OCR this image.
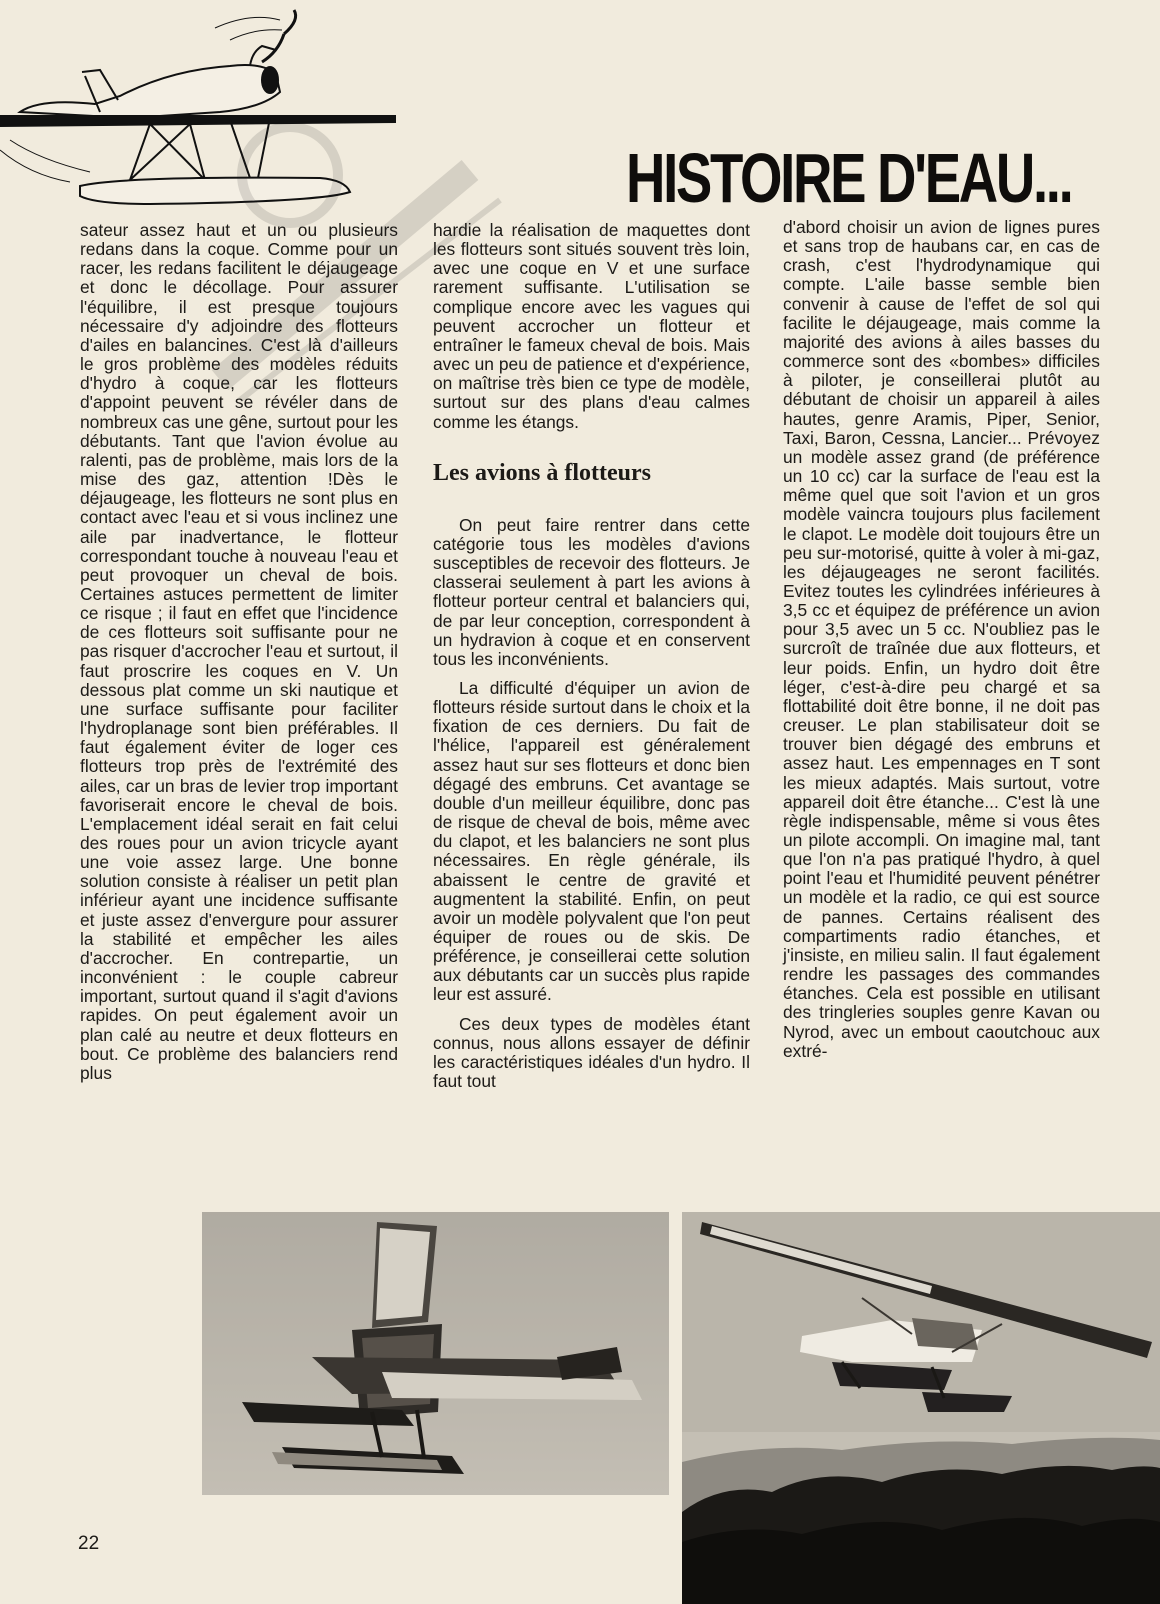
HISTOIRE D'EAU...

sateur assez haut et un ou plusieurs redans dans la coque. Comme pour un racer, les redans facilitent le déjaugeage et donc le décollage. Pour assurer l'équilibre, il est presque toujours nécessaire d'y adjoindre des flotteurs d'ailes en balancines. C'est là d'ailleurs le gros problème des modèles réduits d'hydro à coque, car les flotteurs d'appoint peuvent se révéler dans de nombreux cas une gêne, surtout pour les débutants. Tant que l'avion évolue au ralenti, pas de problème, mais lors de la mise des gaz, attention !Dès le déjaugeage, les flotteurs ne sont plus en contact avec l'eau et si vous inclinez une aile par inadvertance, le flotteur correspondant touche à nouveau l'eau et peut provoquer un cheval de bois. Certaines astuces permettent de limiter ce risque ; il faut en effet que l'incidence de ces flotteurs soit suffisante pour ne pas risquer d'accrocher l'eau et surtout, il faut proscrire les coques en V. Un dessous plat comme un ski nautique et une surface suffisante pour faciliter l'hydroplanage sont bien préférables. Il faut également éviter de loger ces flotteurs trop près de l'extrémité des ailes, car un bras de levier trop important favoriserait encore le cheval de bois. L'emplacement idéal serait en fait celui des roues pour un avion tricycle ayant une voie assez large. Une bonne solution consiste à réaliser un petit plan inférieur ayant une incidence suffisante et juste assez d'envergure pour assurer la stabilité et empêcher les ailes d'accrocher. En contrepartie, un inconvénient : le couple cabreur important, surtout quand il s'agit d'avions rapides. On peut également avoir un plan calé au neutre et deux flotteurs en bout. Ce problème des balanciers rend plus

hardie la réalisation de maquettes dont les flotteurs sont situés souvent très loin, avec une coque en V et une surface rarement suffisante. L'utilisation se complique encore avec les vagues qui peuvent accrocher un flotteur et entraîner le fameux cheval de bois. Mais avec un peu de patience et d'expérience, on maîtrise très bien ce type de modèle, surtout sur des plans d'eau calmes comme les étangs.

Les avions à flotteurs

On peut faire rentrer dans cette catégorie tous les modèles d'avions susceptibles de recevoir des flotteurs. Je classerai seulement à part les avions à flotteur porteur central et balanciers qui, de par leur conception, correspondent à un hydravion à coque et en conservent tous les inconvénients.

La difficulté d'équiper un avion de flotteurs réside surtout dans le choix et la fixation de ces derniers. Du fait de l'hélice, l'appareil est généralement assez haut sur ses flotteurs et donc bien dégagé des embruns. Cet avantage se double d'un meilleur équilibre, donc pas de risque de cheval de bois, même avec du clapot, et les balanciers ne sont plus nécessaires. En règle générale, ils abaissent le centre de gravité et augmentent la stabilité. Enfin, on peut avoir un modèle polyvalent que l'on peut équiper de roues ou de skis. De préférence, je conseillerai cette solution aux débutants car un succès plus rapide leur est assuré.

Ces deux types de modèles étant connus, nous allons essayer de définir les caractéristiques idéales d'un hydro. Il faut tout

d'abord choisir un avion de lignes pures et sans trop de haubans car, en cas de crash, c'est l'hydrodynamique qui compte. L'aile basse semble bien convenir à cause de l'effet de sol qui facilite le déjaugeage, mais comme la majorité des avions à ailes basses du commerce sont des «bombes» difficiles à piloter, je conseillerai plutôt au débutant de choisir un appareil à ailes hautes, genre Aramis, Piper, Senior, Taxi, Baron, Cessna, Lancier... Prévoyez un modèle assez grand (de préférence un 10 cc) car la surface de l'eau est la même quel que soit l'avion et un gros modèle vaincra toujours plus facilement le clapot. Le modèle doit toujours être un peu sur-motorisé, quitte à voler à mi-gaz, les déjaugeages ne seront facilités. Evitez toutes les cylindrées inférieures à 3,5 cc et équipez de préférence un avion pour 3,5 avec un 5 cc. N'oubliez pas le surcroît de traînée due aux flotteurs, et leur poids. Enfin, un hydro doit être léger, c'est-à-dire peu chargé et sa flottabilité doit être bonne, il ne doit pas creuser. Le plan stabilisateur doit se trouver bien dégagé des embruns et assez haut. Les empennages en T sont les mieux adaptés. Mais surtout, votre appareil doit être étanche... C'est là une règle indispensable, même si vous êtes un pilote accompli. On imagine mal, tant que l'on n'a pas pratiqué l'hydro, à quel point l'eau et l'humidité peuvent pénétrer un modèle et la radio, ce qui est source de pannes. Certains réalisent des compartiments radio étanches, et j'insiste, en milieu salin. Il faut également rendre les passages des commandes étanches. Cela est possible en utilisant des tringleries souples genre Kavan ou Nyrod, avec un embout caoutchouc aux extré-

22
